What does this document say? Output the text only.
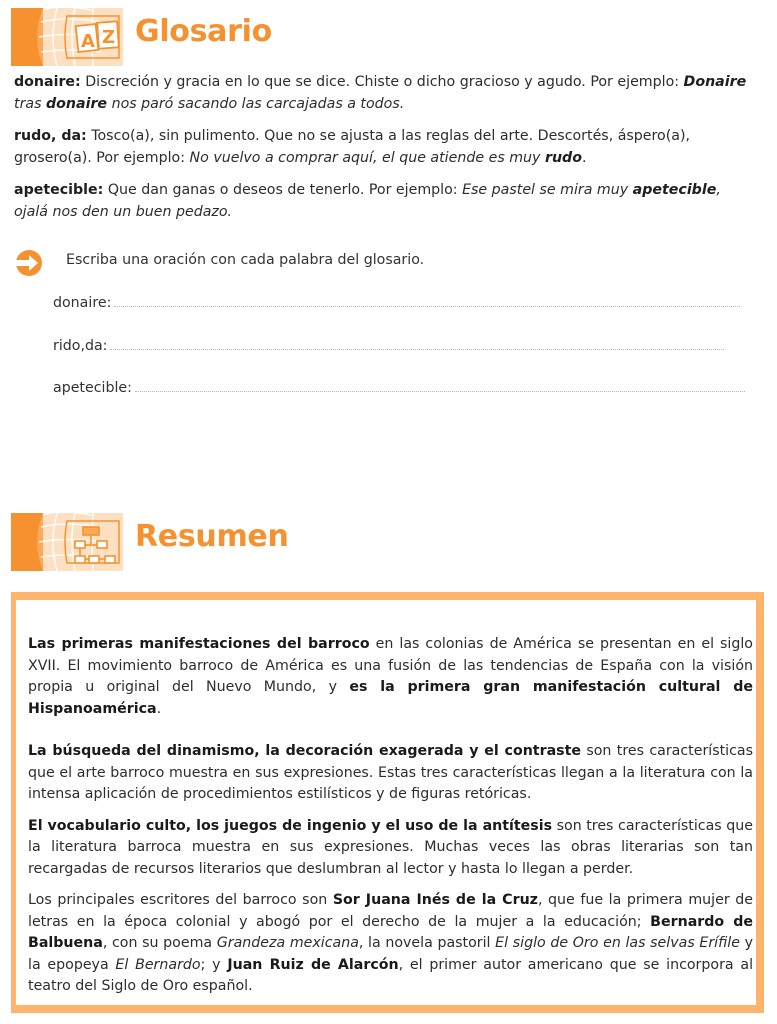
A Z Glosario
donaire: Discreción y gracia en lo que se dice. Chiste o dicho gracioso y agudo. Por ejemplo: Donaire tras donaire nos paró sacando las carcajadas a todos.
rudo, da: Tosco(a), sin pulimento. Que no se ajusta a las reglas del arte. Descortés, áspero(a), grosero(a). Por ejemplo: No vuelvo a comprar aquí, el que atiende es muy rudo.
apetecible: Que dan ganas o deseos de tenerlo. Por ejemplo: Ese pastel se mira muy apetecible, ojalá nos den un buen pedazo.
Escriba una oración con cada palabra del glosario.
donaire:
rido,da:
apetecible:
Resumen

Las primeras manifestaciones del barroco en las colonias de América se presentan en el siglo XVII. El movimiento barroco de América es una fusión de las tendencias de España con la visión propia u original del Nuevo Mundo, y es la primera gran manifestación cultural de Hispanoamérica.

La búsqueda del dinamismo, la decoración exagerada y el contraste son tres características que el arte barroco muestra en sus expresiones. Estas tres características llegan a la literatura con la intensa aplicación de procedimientos estilísticos y de figuras retóricas.

El vocabulario culto, los juegos de ingenio y el uso de la antítesis son tres características que la literatura barroca muestra en sus expresiones. Muchas veces las obras literarias son tan recargadas de recursos literarios que deslumbran al lector y hasta lo llegan a perder.

Los principales escritores del barroco son Sor Juana Inés de la Cruz, que fue la primera mujer de letras en la época colonial y abogó por el derecho de la mujer a la educación; Bernardo de Balbuena, con su poema Grandeza mexicana, la novela pastoril El siglo de Oro en las selvas Erífile y la epopeya El Bernardo; y Juan Ruiz de Alarcón, el primer autor americano que se incorpora al teatro del Siglo de Oro español.
